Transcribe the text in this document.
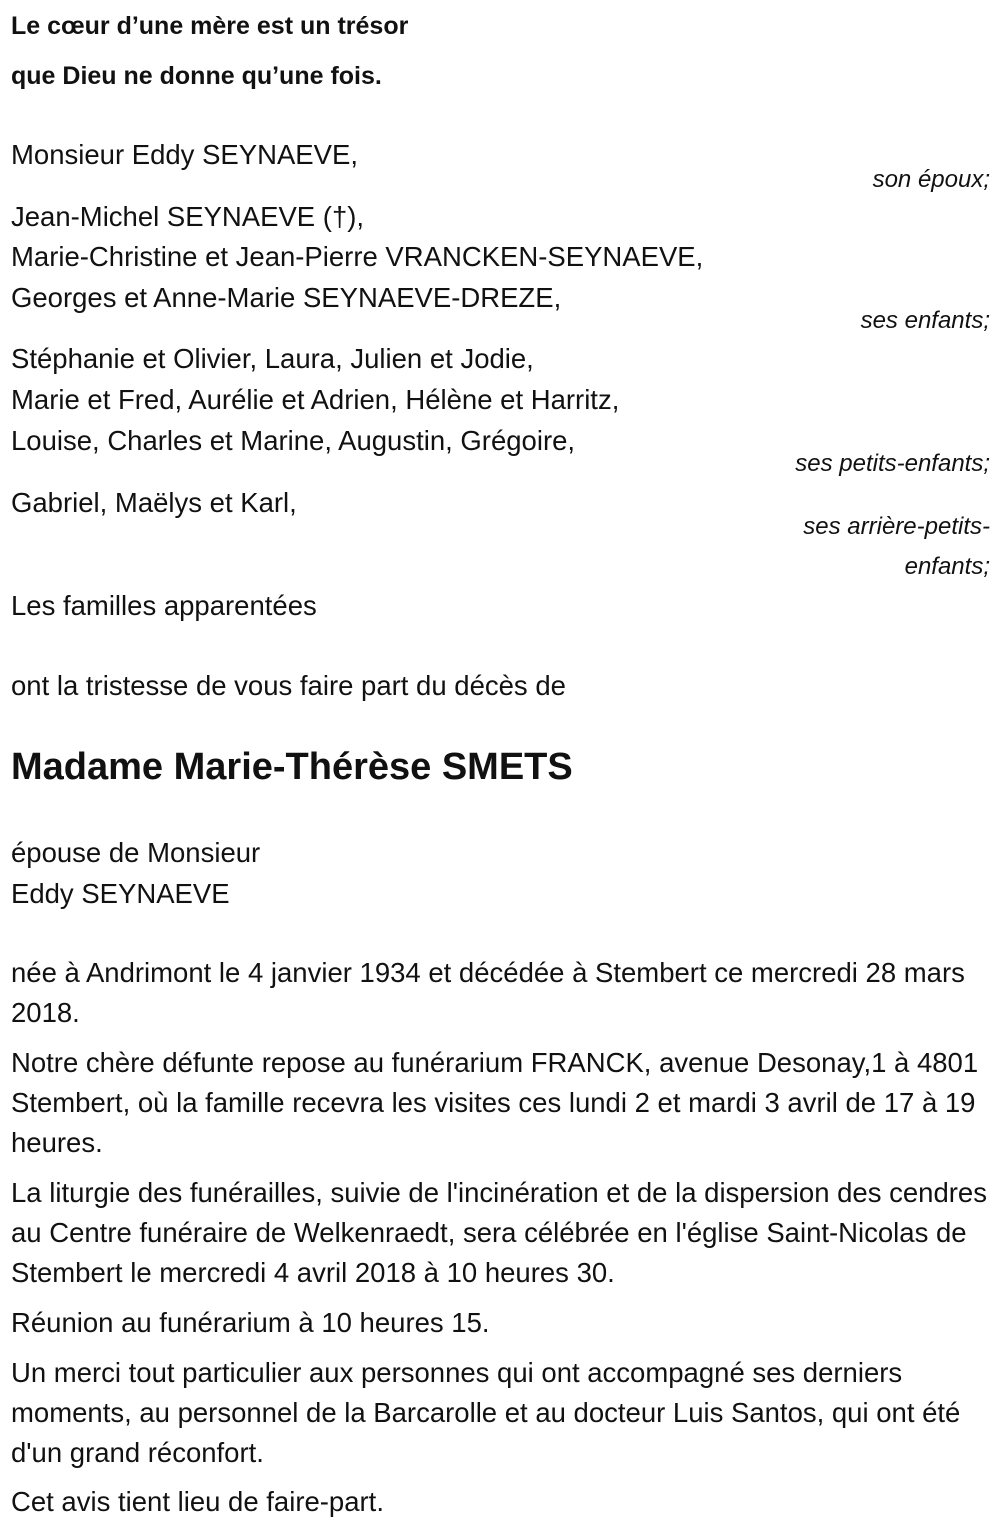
Le cœur d’une mère est un trésor
que Dieu ne donne qu’une fois.
Monsieur Eddy SEYNAEVE,
son époux;
Jean-Michel SEYNAEVE (†),
Marie-Christine et Jean-Pierre VRANCKEN-SEYNAEVE,
Georges et Anne-Marie SEYNAEVE-DREZE,
ses enfants;
Stéphanie et Olivier, Laura, Julien et Jodie,
Marie et Fred, Aurélie et Adrien, Hélène et Harritz,
Louise, Charles et Marine, Augustin, Grégoire,
ses petits-enfants;
Gabriel, Maëlys et Karl,
ses arrière-petits-enfants;
Les familles apparentées
ont la tristesse de vous faire part du décès de
Madame Marie-Thérèse SMETS
épouse de Monsieur
Eddy SEYNAEVE
née à Andrimont le 4 janvier 1934 et décédée à Stembert ce mercredi 28 mars 2018.
Notre chère défunte repose au funérarium FRANCK, avenue Desonay,1 à 4801 Stembert, où la famille recevra les visites ces lundi 2 et mardi 3 avril de 17 à 19 heures.
La liturgie des funérailles, suivie de l'incinération et de la dispersion des cendres au Centre funéraire de Welkenraedt, sera célébrée en l'église Saint-Nicolas de Stembert le mercredi 4 avril 2018 à 10 heures 30.
Réunion au funérarium à 10 heures 15.
Un merci tout particulier aux personnes qui ont accompagné ses derniers moments, au personnel de la Barcarolle et au docteur Luis Santos, qui ont été d'un grand réconfort.
Cet avis tient lieu de faire-part.
